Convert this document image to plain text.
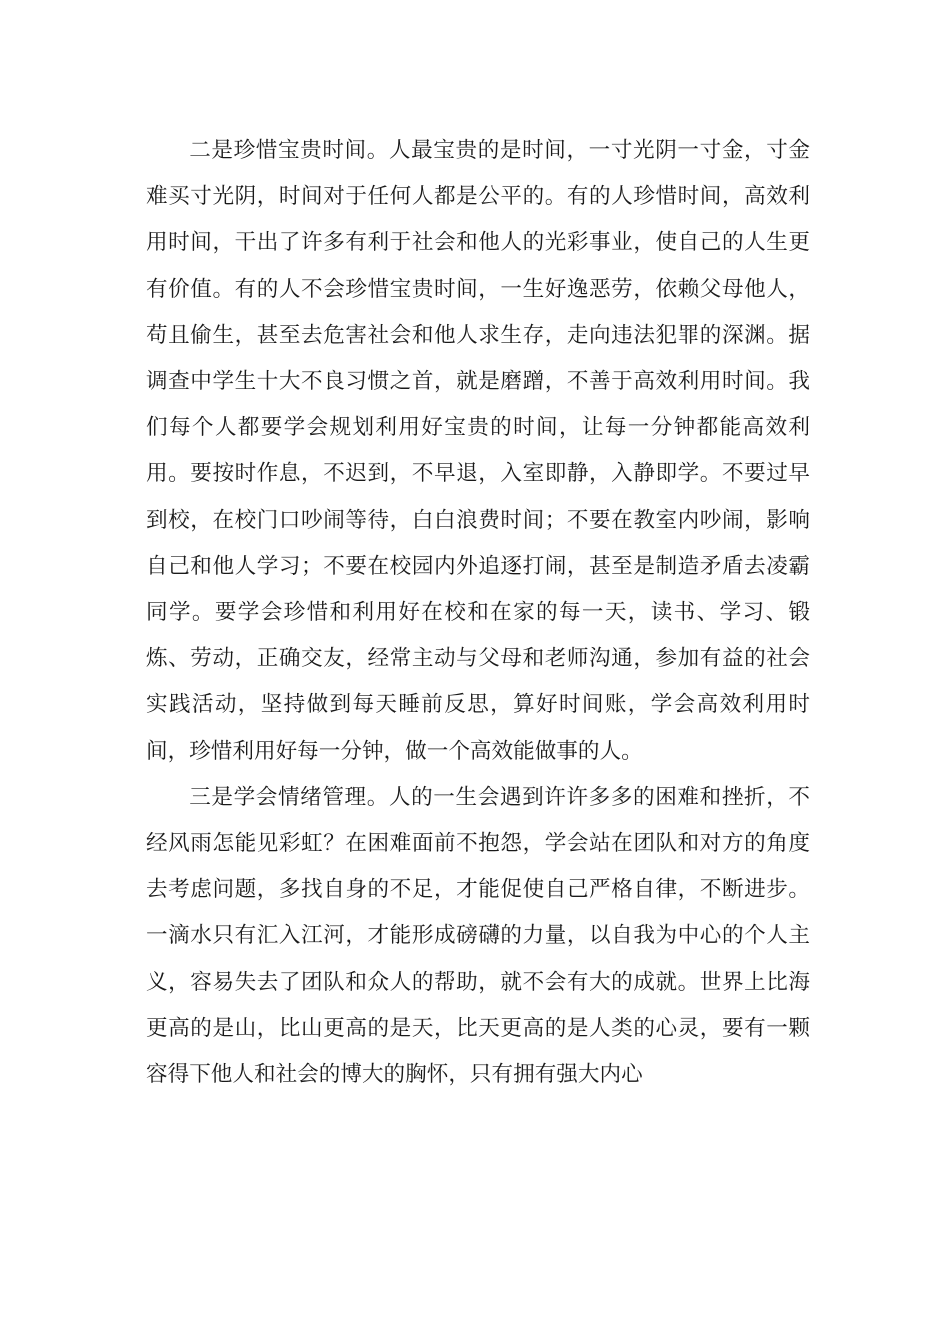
二是珍惜宝贵时间。人最宝贵的是时间，一寸光阴一寸金，寸金难买寸光阴，时间对于任何人都是公平的。有的人珍惜时间，高效利用时间，干出了许多有利于社会和他人的光彩事业，使自己的人生更有价值。有的人不会珍惜宝贵时间，一生好逸恶劳，依赖父母他人，苟且偷生，甚至去危害社会和他人求生存，走向违法犯罪的深渊。据调查中学生十大不良习惯之首，就是磨蹭，不善于高效利用时间。我们每个人都要学会规划利用好宝贵的时间，让每一分钟都能高效利用。要按时作息，不迟到，不早退，入室即静，入静即学。不要过早到校，在校门口吵闹等待，白白浪费时间；不要在教室内吵闹，影响自己和他人学习；不要在校园内外追逐打闹，甚至是制造矛盾去凌霸同学。要学会珍惜和利用好在校和在家的每一天，读书、学习、锻炼、劳动，正确交友，经常主动与父母和老师沟通，参加有益的社会实践活动，坚持做到每天睡前反思，算好时间账，学会高效利用时间，珍惜利用好每一分钟，做一个高效能做事的人。

三是学会情绪管理。人的一生会遇到许许多多的困难和挫折，不经风雨怎能见彩虹？在困难面前不抱怨，学会站在团队和对方的角度去考虑问题，多找自身的不足，才能促使自己严格自律，不断进步。一滴水只有汇入江河，才能形成磅礴的力量，以自我为中心的个人主义，容易失去了团队和众人的帮助，就不会有大的成就。世界上比海更高的是山，比山更高的是天，比天更高的是人类的心灵，要有一颗容得下他人和社会的博大的胸怀，只有拥有强大内心
